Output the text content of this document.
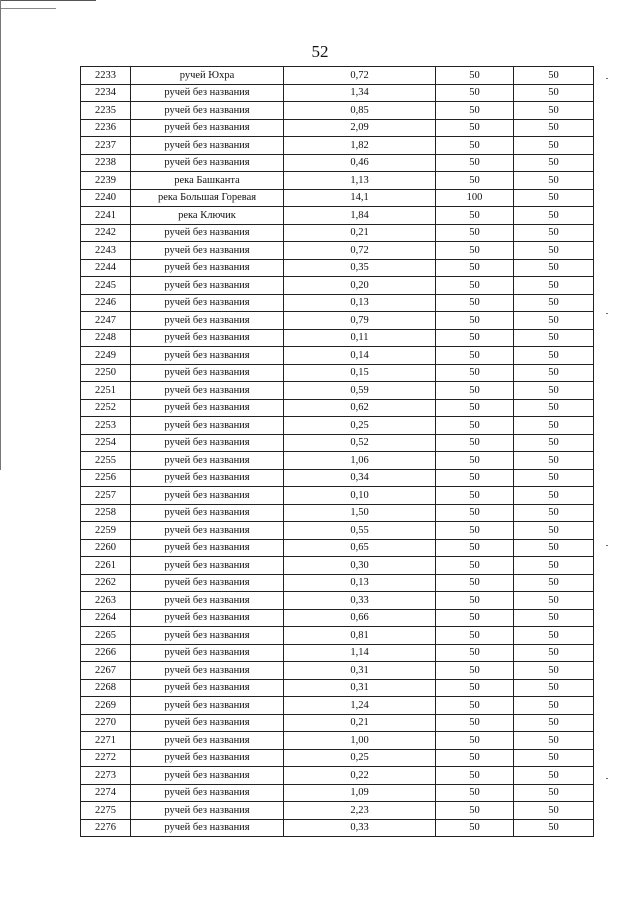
52
2233	ручей Юхра	0,72	50	50
2234	ручей без названия	1,34	50	50
2235	ручей без названия	0,85	50	50
2236	ручей без названия	2,09	50	50
2237	ручей без названия	1,82	50	50
2238	ручей без названия	0,46	50	50
2239	река Башканта	1,13	50	50
2240	река Большая Горевая	14,1	100	50
2241	река Ключик	1,84	50	50
2242	ручей без названия	0,21	50	50
2243	ручей без названия	0,72	50	50
2244	ручей без названия	0,35	50	50
2245	ручей без названия	0,20	50	50
2246	ручей без названия	0,13	50	50
2247	ручей без названия	0,79	50	50
2248	ручей без названия	0,11	50	50
2249	ручей без названия	0,14	50	50
2250	ручей без названия	0,15	50	50
2251	ручей без названия	0,59	50	50
2252	ручей без названия	0,62	50	50
2253	ручей без названия	0,25	50	50
2254	ручей без названия	0,52	50	50
2255	ручей без названия	1,06	50	50
2256	ручей без названия	0,34	50	50
2257	ручей без названия	0,10	50	50
2258	ручей без названия	1,50	50	50
2259	ручей без названия	0,55	50	50
2260	ручей без названия	0,65	50	50
2261	ручей без названия	0,30	50	50
2262	ручей без названия	0,13	50	50
2263	ручей без названия	0,33	50	50
2264	ручей без названия	0,66	50	50
2265	ручей без названия	0,81	50	50
2266	ручей без названия	1,14	50	50
2267	ручей без названия	0,31	50	50
2268	ручей без названия	0,31	50	50
2269	ручей без названия	1,24	50	50
2270	ручей без названия	0,21	50	50
2271	ручей без названия	1,00	50	50
2272	ручей без названия	0,25	50	50
2273	ручей без названия	0,22	50	50
2274	ручей без названия	1,09	50	50
2275	ручей без названия	2,23	50	50
2276	ручей без названия	0,33	50	50
